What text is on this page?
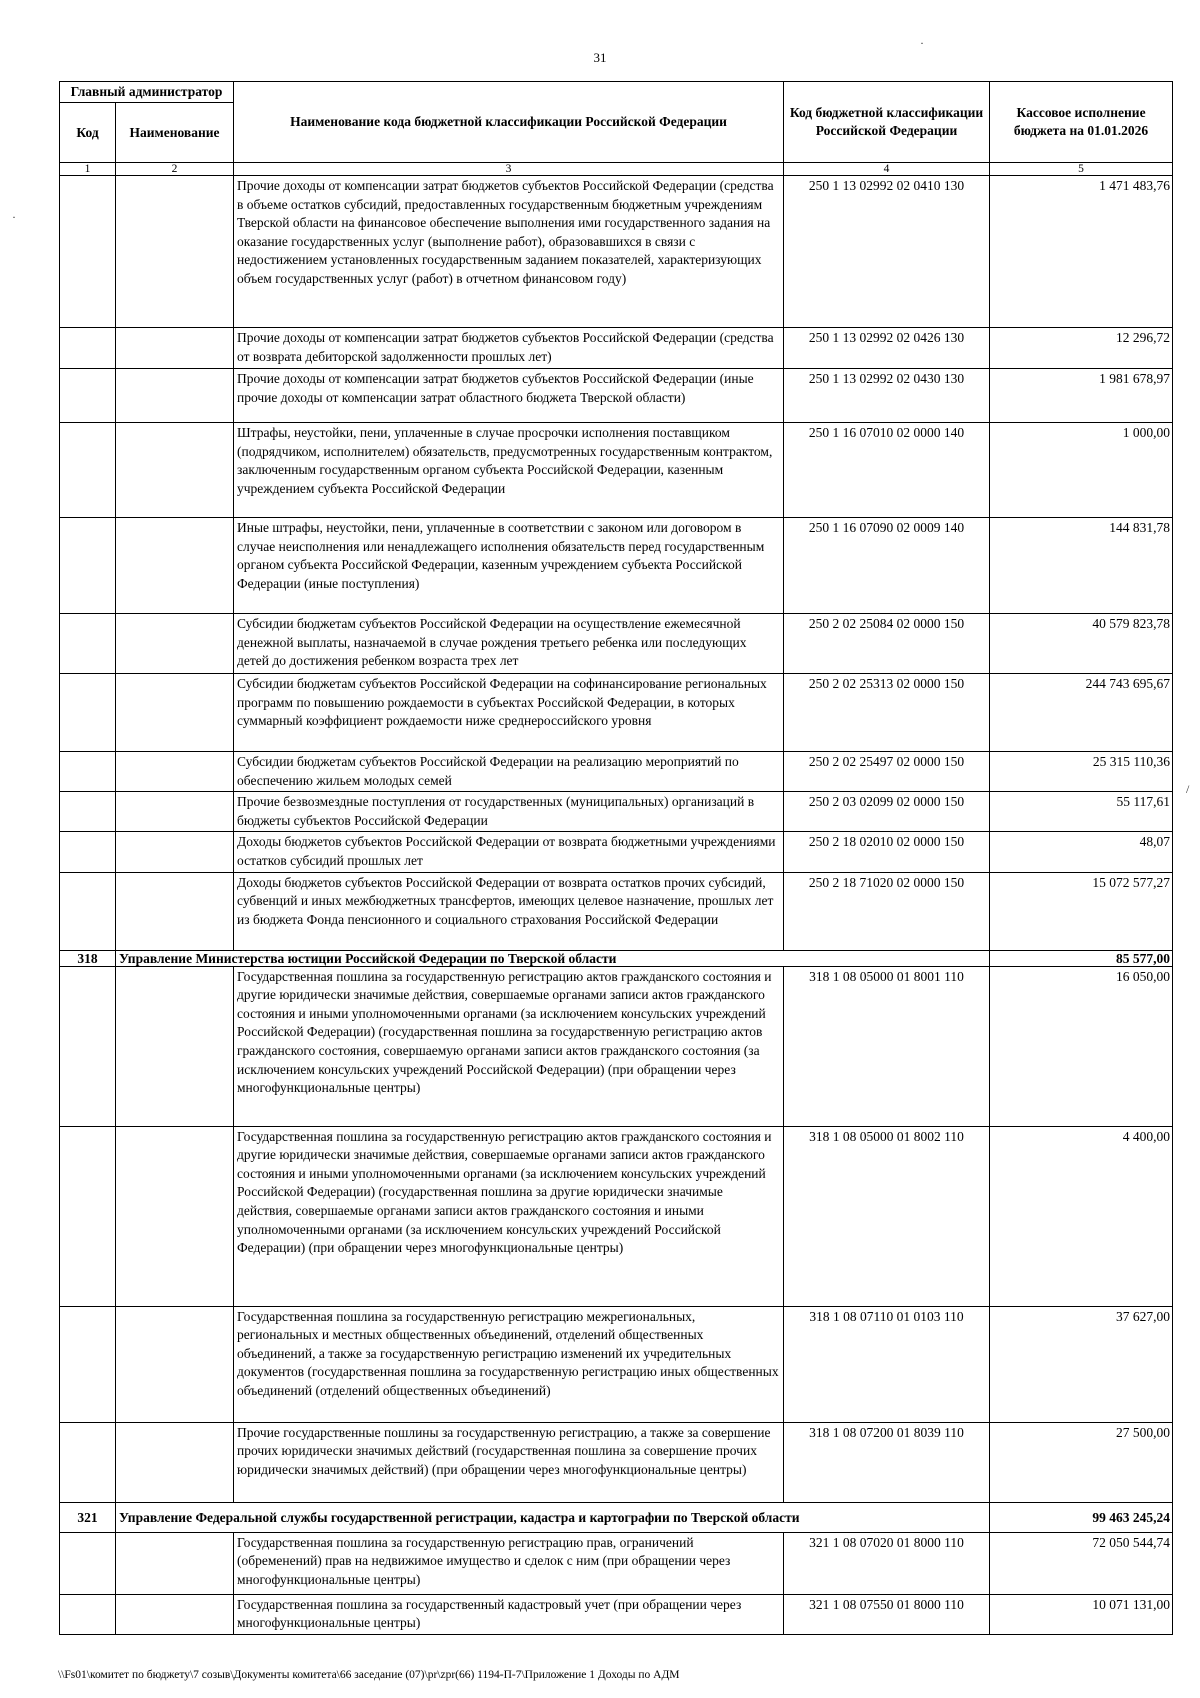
31
Главный администратор		Наименование кода бюджетной классификации Российской Федерации	Код бюджетной классификации Российской Федерации	Кассовое исполнение бюджета на 01.01.2026
Код	Наименование			
1	2	3	4	5
		Прочие доходы от компенсации затрат бюджетов субъектов Российской Федерации (средства в объеме остатков субсидий, предоставленных государственным бюджетным учреждениям Тверской области на финансовое обеспечение выполнения ими государственного задания на оказание государственных услуг (выполнение работ), образовавшихся в связи с недостижением установленных государственным заданием показателей, характеризующих объем государственных услуг (работ) в отчетном финансовом году)	250 1 13 02992 02 0410 130	1 471 483,76
		Прочие доходы от компенсации затрат бюджетов субъектов Российской Федерации (средства от возврата дебиторской задолженности прошлых лет)	250 1 13 02992 02 0426 130	12 296,72
		Прочие доходы от компенсации затрат бюджетов субъектов Российской Федерации (иные прочие доходы от компенсации затрат областного бюджета Тверской области)	250 1 13 02992 02 0430 130	1 981 678,97
		Штрафы, неустойки, пени, уплаченные в случае просрочки исполнения поставщиком (подрядчиком, исполнителем) обязательств, предусмотренных государственным контрактом, заключенным государственным органом субъекта Российской Федерации, казенным учреждением субъекта Российской Федерации	250 1 16 07010 02 0000 140	1 000,00
		Иные штрафы, неустойки, пени, уплаченные в соответствии с законом или договором в случае неисполнения или ненадлежащего исполнения обязательств перед государственным органом субъекта Российской Федерации, казенным учреждением субъекта Российской Федерации (иные поступления)	250 1 16 07090 02 0009 140	144 831,78
		Субсидии бюджетам субъектов Российской Федерации на осуществление ежемесячной денежной выплаты, назначаемой в случае рождения третьего ребенка или последующих детей до достижения ребенком возраста трех лет	250 2 02 25084 02 0000 150	40 579 823,78
		Субсидии бюджетам субъектов Российской Федерации на софинансирование региональных программ по повышению рождаемости в субъектах Российской Федерации, в которых суммарный коэффициент рождаемости ниже среднероссийского уровня	250 2 02 25313 02 0000 150	244 743 695,67
		Субсидии бюджетам субъектов Российской Федерации на реализацию мероприятий по обеспечению жильем молодых семей	250 2 02 25497 02 0000 150	25 315 110,36
		Прочие безвозмездные поступления от государственных (муниципальных) организаций в бюджеты субъектов Российской Федерации	250 2 03 02099 02 0000 150	55 117,61
		Доходы бюджетов субъектов Российской Федерации от возврата бюджетными учреждениями остатков субсидий прошлых лет	250 2 18 02010 02 0000 150	48,07
		Доходы бюджетов субъектов Российской Федерации от возврата остатков прочих субсидий, субвенций и иных межбюджетных трансфертов, имеющих целевое назначение, прошлых лет из бюджета Фонда пенсионного и социального страхования Российской Федерации	250 2 18 71020 02 0000 150	15 072 577,27
318	Управление Министерства юстиции Российской Федерации по Тверской области			85 577,00
		Государственная пошлина за государственную регистрацию актов гражданского состояния и другие юридически значимые действия, совершаемые органами записи актов гражданского состояния и иными уполномоченными органами (за исключением консульских учреждений Российской Федерации) (государственная пошлина за государственную регистрацию актов гражданского состояния, совершаемую органами записи актов гражданского состояния (за исключением консульских учреждений Российской Федерации) (при обращении через многофункциональные центры)	318 1 08 05000 01 8001 110	16 050,00
		Государственная пошлина за государственную регистрацию актов гражданского состояния и другие юридически значимые действия, совершаемые органами записи актов гражданского состояния и иными уполномоченными органами (за исключением консульских учреждений Российской Федерации) (государственная пошлина за другие юридически значимые действия, совершаемые органами записи актов гражданского состояния и иными уполномоченными органами (за исключением консульских учреждений Российской Федерации) (при обращении через многофункциональные центры)	318 1 08 05000 01 8002 110	4 400,00
		Государственная пошлина за государственную регистрацию межрегиональных, региональных и местных общественных объединений, отделений общественных объединений, а также за государственную регистрацию изменений их учредительных документов (государственная пошлина за государственную регистрацию иных общественных объединений (отделений общественных объединений)	318 1 08 07110 01 0103 110	37 627,00
		Прочие государственные пошлины за государственную регистрацию, а также за совершение прочих юридически значимых действий (государственная пошлина за совершение прочих юридически значимых действий) (при обращении через многофункциональные центры)	318 1 08 07200 01 8039 110	27 500,00
321	Управление Федеральной службы государственной регистрации, кадастра и картографии по Тверской области			99 463 245,24
		Государственная пошлина за государственную регистрацию прав, ограничений (обременений) прав на недвижимое имущество и сделок с ним (при обращении через многофункциональные центры)	321 1 08 07020 01 8000 110	72 050 544,74
		Государственная пошлина за государственный кадастровый учет (при обращении через многофункциональные центры)	321 1 08 07550 01 8000 110	10 071 131,00
\\Fs01\комитет по бюджету\7 созыв\Документы комитета\66 заседание (07)\pr\zpr(66) 1194-П-7\Приложение 1 Доходы по АДМ
·
·
/
